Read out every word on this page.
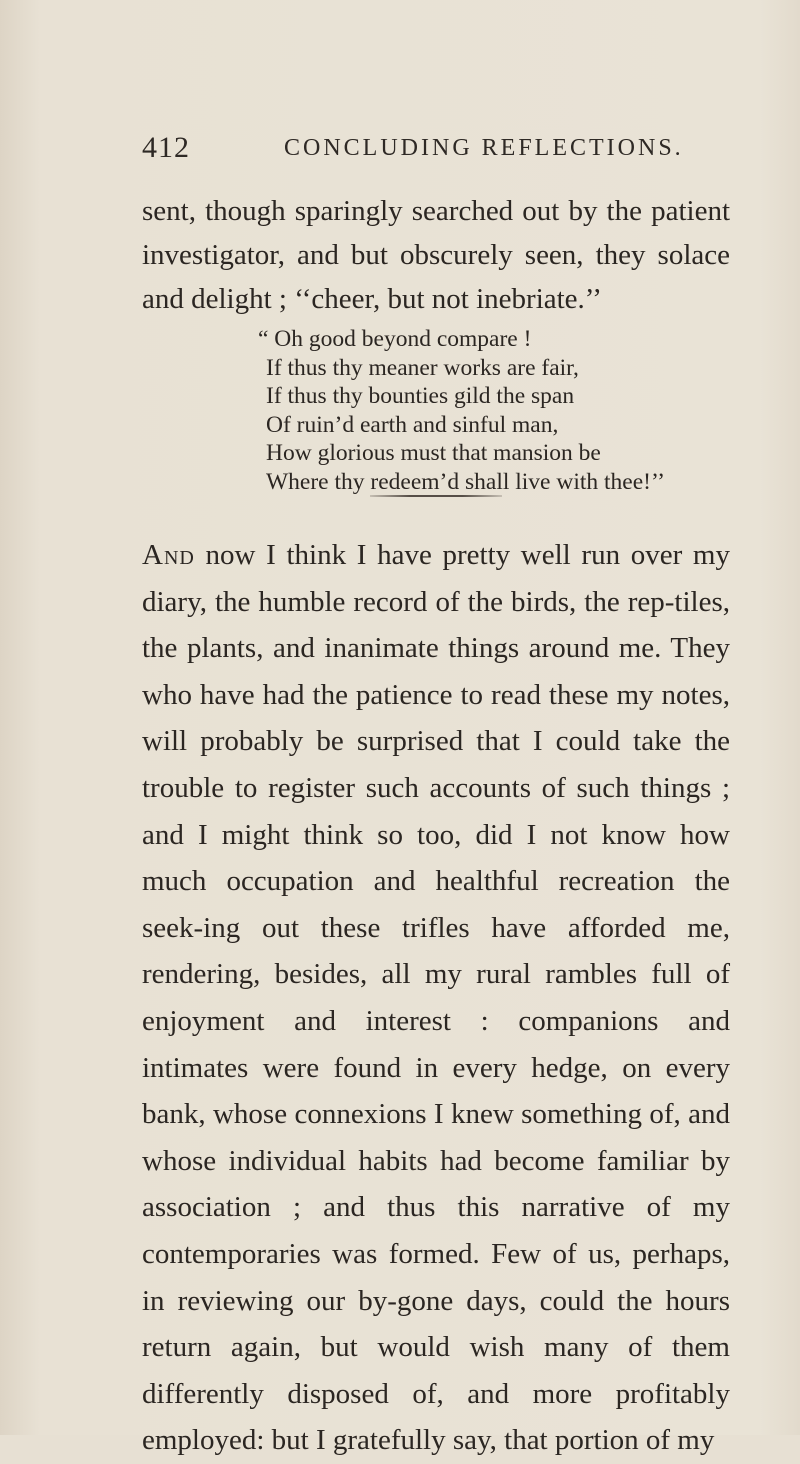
412	CONCLUDING REFLECTIONS.

sent, though sparingly searched out by the patient investigator, and but obscurely seen, they solace and delight ; ‘‘cheer, but not inebriate.’’

“ Oh good beyond compare !
If thus thy meaner works are fair,
If thus thy bounties gild the span
Of ruin’d earth and sinful man,
How glorious must that mansion be
Where thy redeem’d shall live with thee!’’

And now I think I have pretty well run over my diary, the humble record of the birds, the rep-tiles, the plants, and inanimate things around me. They who have had the patience to read these my notes, will probably be surprised that I could take the trouble to register such accounts of such things ; and I might think so too, did I not know how much occupation and healthful recreation the seek-ing out these trifles have afforded me, rendering, besides, all my rural rambles full of enjoyment and interest : companions and intimates were found in every hedge, on every bank, whose connexions I knew something of, and whose individual habits had become familiar by association ; and thus this narrative of my contemporaries was formed. Few of us, perhaps, in reviewing our by-gone days, could the hours return again, but would wish many of them differently disposed of, and more profitably employed: but I gratefully say, that portion of my
